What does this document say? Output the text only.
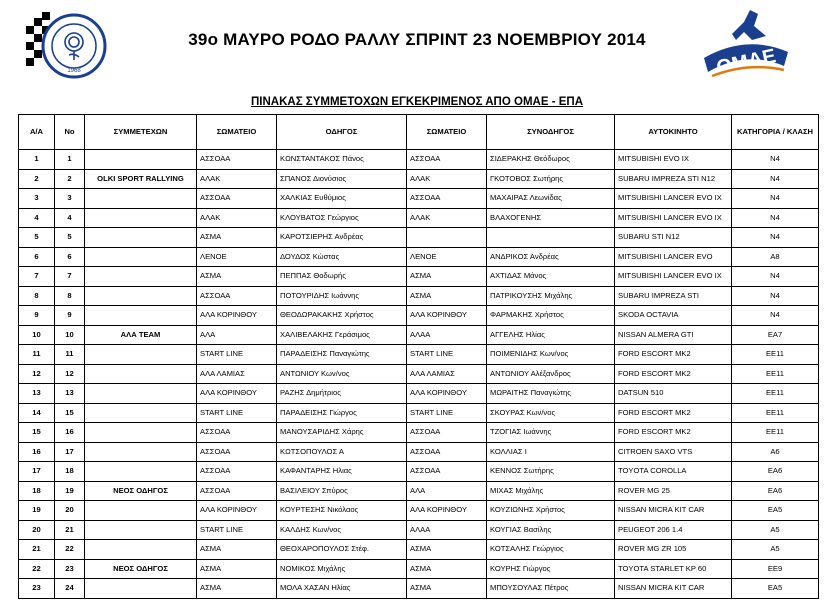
1968	ΟΜΑΕ
39ο ΜΑΥΡΟ ΡΟΔΟ ΡΑΛΛΥ ΣΠΡΙΝΤ 23 ΝΟΕΜΒΡΙΟΥ 2014
ΠΙΝΑΚΑΣ ΣΥΜΜΕΤΟΧΩΝ ΕΓΚΕΚΡΙΜΕΝΟΣ ΑΠΟ ΟΜΑΕ - ΕΠΑ
Α/Α	Νο	ΣΥΜΜΕΤΕΧΩΝ	ΣΩΜΑΤΕΙΟ	ΟΔΗΓΟΣ	ΣΩΜΑΤΕΙΟ	ΣΥΝΟΔΗΓΟΣ	ΑΥΤΟΚΙΝΗΤΟ	ΚΑΤΗΓΟΡΙΑ / ΚΛΑΣΗ
1	1		ΑΣΣΟΑΑ	ΚΩΝΣΤΑΝΤΑΚΟΣ Πάνος	ΑΣΣΟΑΑ	ΣΙΔΕΡΑΚΗΣ Θεόδωρος	MITSUBISHI EVO IX	N4
2	2	OLKI SPORT RALLYING	ΑΛΑΚ	ΣΠΑΝΟΣ Διονύσιος	ΑΛΑΚ	ΓΚΟΤΟΒΟΣ Σωτήρης	SUBARU IMPREZA STI N12	N4
3	3		ΑΣΣΟΑΑ	ΧΑΛΚΙΑΣ Ευθύμιος	ΑΣΣΟΑΑ	ΜΑΧΑΙΡΑΣ Λεωνίδας	MITSUBISHI LANCER EVO IX	N4
4	4		ΑΛΑΚ	ΚΛΟΥΒΑΤΟΣ Γεώργιος	ΑΛΑΚ	ΒΛΑΧΟΓΕΝΗΣ	MITSUBISHI LANCER EVO IX	N4
5	5		ΑΣΜΑ	ΚΑΡΟΤΣΙΕΡΗΣ Ανδρέας			SUBARU STI N12	N4
6	6		ΛΕΝΟΕ	ΔΟΥΔΟΣ Κώστας	ΛΕΝΟΕ	ΑΝΔΡΙΚΟΣ Ανδρέας	MITSUBISHI LANCER EVO	A8
7	7		ΑΣΜΑ	ΠΕΠΠΑΣ Θοδωρής	ΑΣΜΑ	ΑΧΤΙΔΑΣ Μάνος	MITSUBISHI LANCER EVO IX	N4
8	8		ΑΣΣΟΑΑ	ΠΟΤΟΥΡΙΔΗΣ Ιωάννης	ΑΣΜΑ	ΠΑΤΡΙΚΟΥΣΗΣ Μιχάλης	SUBARU IMPREZA STI	N4
9	9		ΑΛΑ ΚΟΡΙΝΘΟΥ	ΘΕΟΔΩΡΑΚΑΚΗΣ Χρήστος	ΑΛΑ ΚΟΡΙΝΘΟΥ	ΦΑΡΜΑΚΗΣ Χρήστος	SKODA OCTAVIA	N4
10	10	ΑΛΑ TEAM	ΑΛΑ	ΧΑΛΙΒΕΛΑΚΗΣ Γεράσιμος	ΑΛΑΑ	ΑΓΓΕΛΗΣ Ηλίας	NISSAN ALMERA GTI	EA7
11	11		START LINE	ΠΑΡΑΔΕΙΣΗΣ Παναγιώτης	START LINE	ΠΟΙΜΕΝΙΔΗΣ Κων/νος	FORD ESCORT MK2	EE11
12	12		ΑΛΑ ΛΑΜΙΑΣ	ΑΝΤΩΝΙΟΥ Κων/νος	ΑΛΑ ΛΑΜΙΑΣ	ΑΝΤΩΝΙΟΥ Αλέξανδρος	FORD ESCORT MK2	EE11
13	13		ΑΛΑ ΚΟΡΙΝΘΟΥ	ΡΑΖΗΣ Δημήτριος	ΑΛΑ ΚΟΡΙΝΘΟΥ	ΜΩΡΑΙΤΗΣ Παναγιώτης	DATSUN 510	EE11
14	15		START LINE	ΠΑΡΑΔΕΙΣΗΣ Γιώργος	START LINE	ΣΚΟΥΡΑΣ Κων/νος	FORD ESCORT MK2	EE11
15	16		ΑΣΣΟΑΑ	ΜΑΝΟΥΣΑΡΙΔΗΣ Χάρης	ΑΣΣΟΑΑ	ΤΖΟΓΙΑΣ Ιωάννης	FORD ESCORT MK2	EE11
16	17		ΑΣΣΟΑΑ	ΚΩΤΣΟΠΟΥΛΟΣ Α	ΑΣΣΟΑΑ	ΚΟΛΛΙΑΣ Ι	CITROEN SAXO VTS	A6
17	18		ΑΣΣΟΑΑ	ΚΑΦΑΝΤΑΡΗΣ Ηλιας	ΑΣΣΟΑΑ	ΚΕΝΝΟΣ Σωτήρης	TOYOTA COROLLA	EA6
18	19	ΝΕΟΣ ΟΔΗΓΟΣ	ΑΣΣΟΑΑ	ΒΑΣΙΛΕΙΟΥ Σπύρος	ΑΛΑ	ΜΙΧΑΣ Μιχάλης	ROVER MG 25	EA6
19	20		ΑΛΑ ΚΟΡΙΝΘΟΥ	ΚΟΥΡΤΕΣΗΣ Νικόλαος	ΑΛΑ ΚΟΡΙΝΘΟΥ	ΚΟΥΖΙΩΝΗΣ Χρήστος	NISSAN MICRA KIT CAR	EA5
20	21		START LINE	ΚΑΛΔΗΣ Κων/νος	ΑΛΑΑ	ΚΟΥΓΙΑΣ Βασίλης	PEUGEOT 206 1.4	A5
21	22		ΑΣΜΑ	ΘΕΟΧΑΡΟΠΟΥΛΟΣ Στέφ.	ΑΣΜΑ	ΚΟΤΣΑΛΗΣ Γεώργιος	ROVER MG ZR 105	A5
22	23	ΝΕΟΣ ΟΔΗΓΟΣ	ΑΣΜΑ	ΝΟΜΙΚΟΣ Μιχάλης	ΑΣΜΑ	ΚΟΥΡΗΣ Γιώργος	TOYOTA STARLET KP 60	EE9
23	24		ΑΣΜΑ	ΜΟΛΑ ΧΑΣΑΝ Ηλίας	ΑΣΜΑ	ΜΠΟΥΣΟΥΛΑΣ Πέτρος	NISSAN MICRA KIT CAR	EA5
